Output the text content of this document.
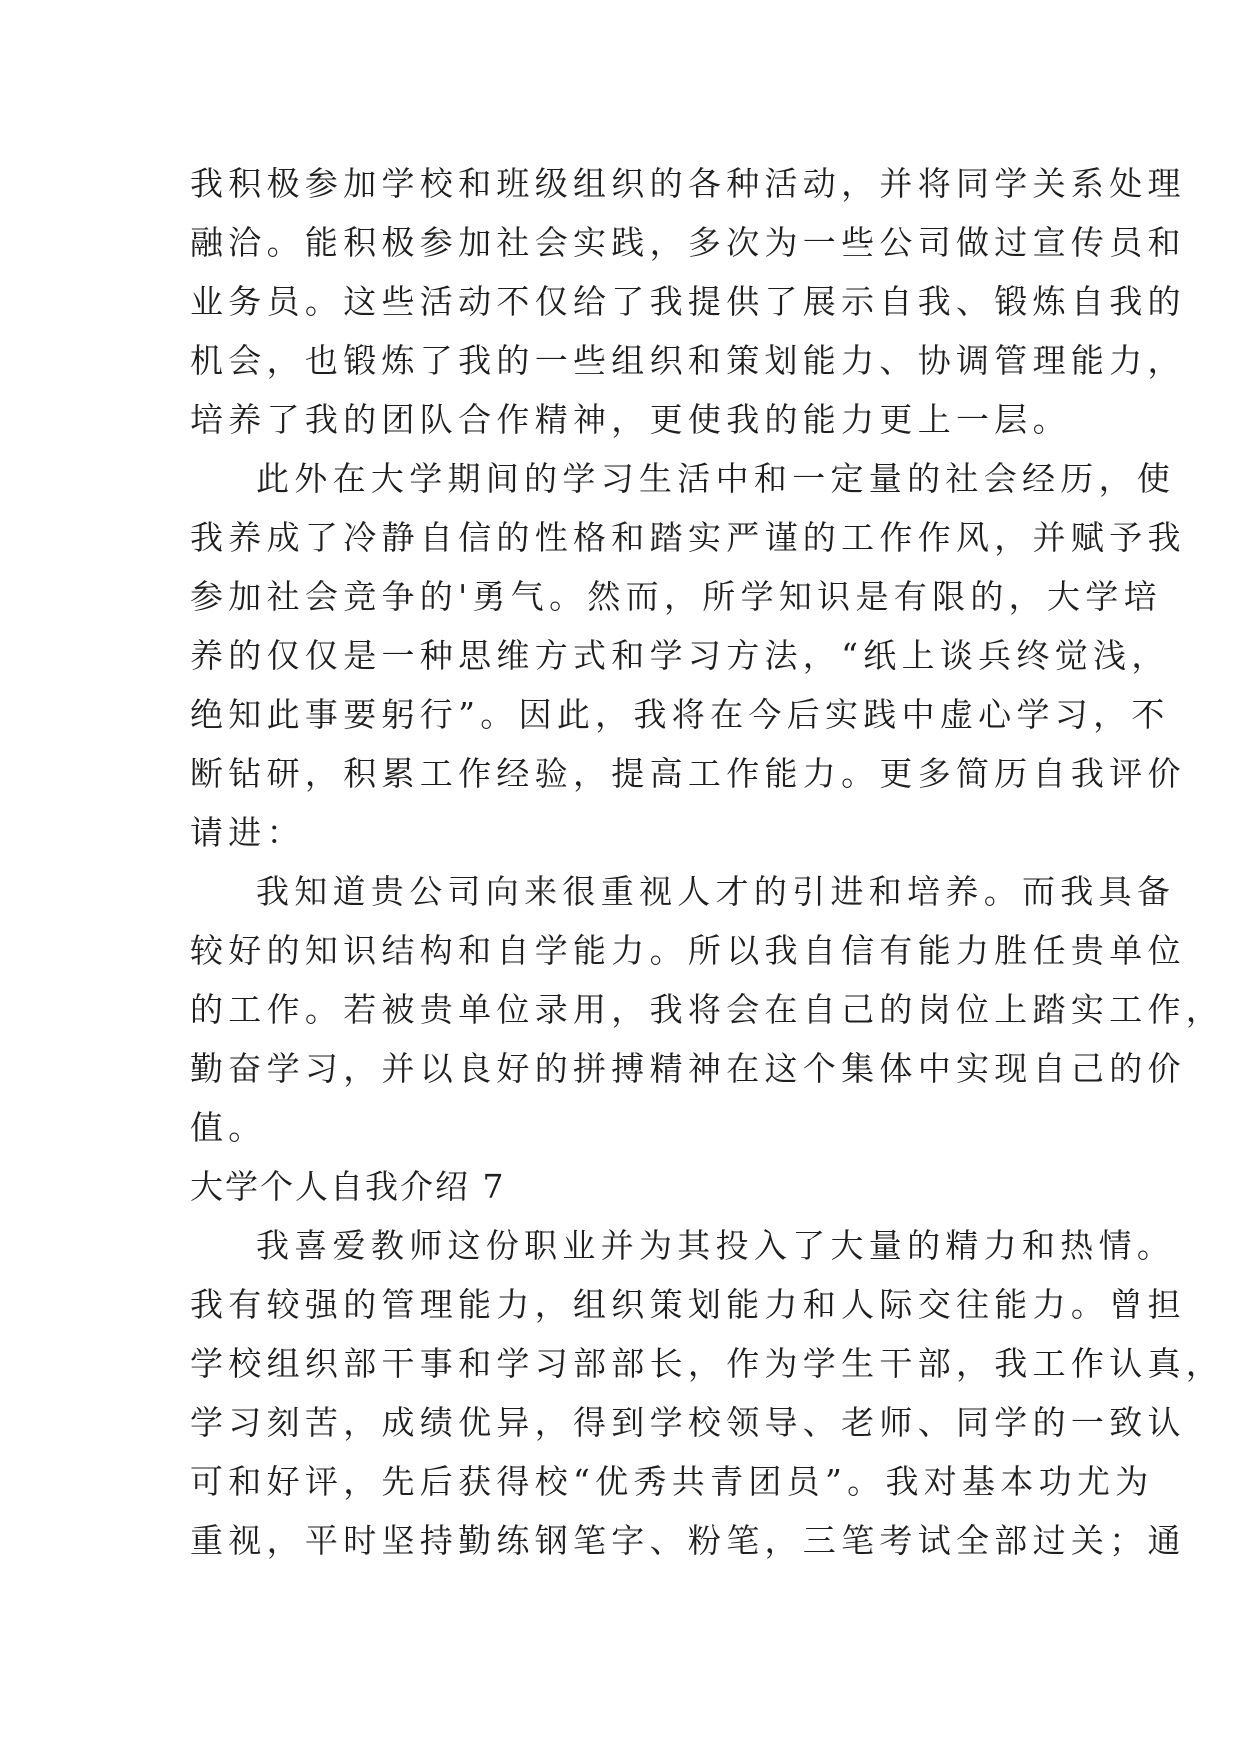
我积极参加学校和班级组织的各种活动，并将同学关系处理
融洽。能积极参加社会实践，多次为一些公司做过宣传员和
业务员。这些活动不仅给了我提供了展示自我、锻炼自我的
机会，也锻炼了我的一些组织和策划能力、协调管理能力，
培养了我的团队合作精神，更使我的能力更上一层。
此外在大学期间的学习生活中和一定量的社会经历，使
我养成了冷静自信的性格和踏实严谨的工作作风，并赋予我
参加社会竞争的'勇气。然而，所学知识是有限的，大学培
养的仅仅是一种思维方式和学习方法，“纸上谈兵终觉浅，
绝知此事要躬行”。因此，我将在今后实践中虚心学习，不
断钻研，积累工作经验，提高工作能力。更多简历自我评价
请进：
我知道贵公司向来很重视人才的引进和培养。而我具备
较好的知识结构和自学能力。所以我自信有能力胜任贵单位
的工作。若被贵单位录用，我将会在自己的岗位上踏实工作，
勤奋学习，并以良好的拼搏精神在这个集体中实现自己的价
值。
大学个人自我介绍 7
我喜爱教师这份职业并为其投入了大量的精力和热情。
我有较强的管理能力，组织策划能力和人际交往能力。曾担
学校组织部干事和学习部部长，作为学生干部，我工作认真，
学习刻苦，成绩优异，得到学校领导、老师、同学的一致认
可和好评，先后获得校“优秀共青团员”。我对基本功尤为
重视，平时坚持勤练钢笔字、粉笔，三笔考试全部过关；通
